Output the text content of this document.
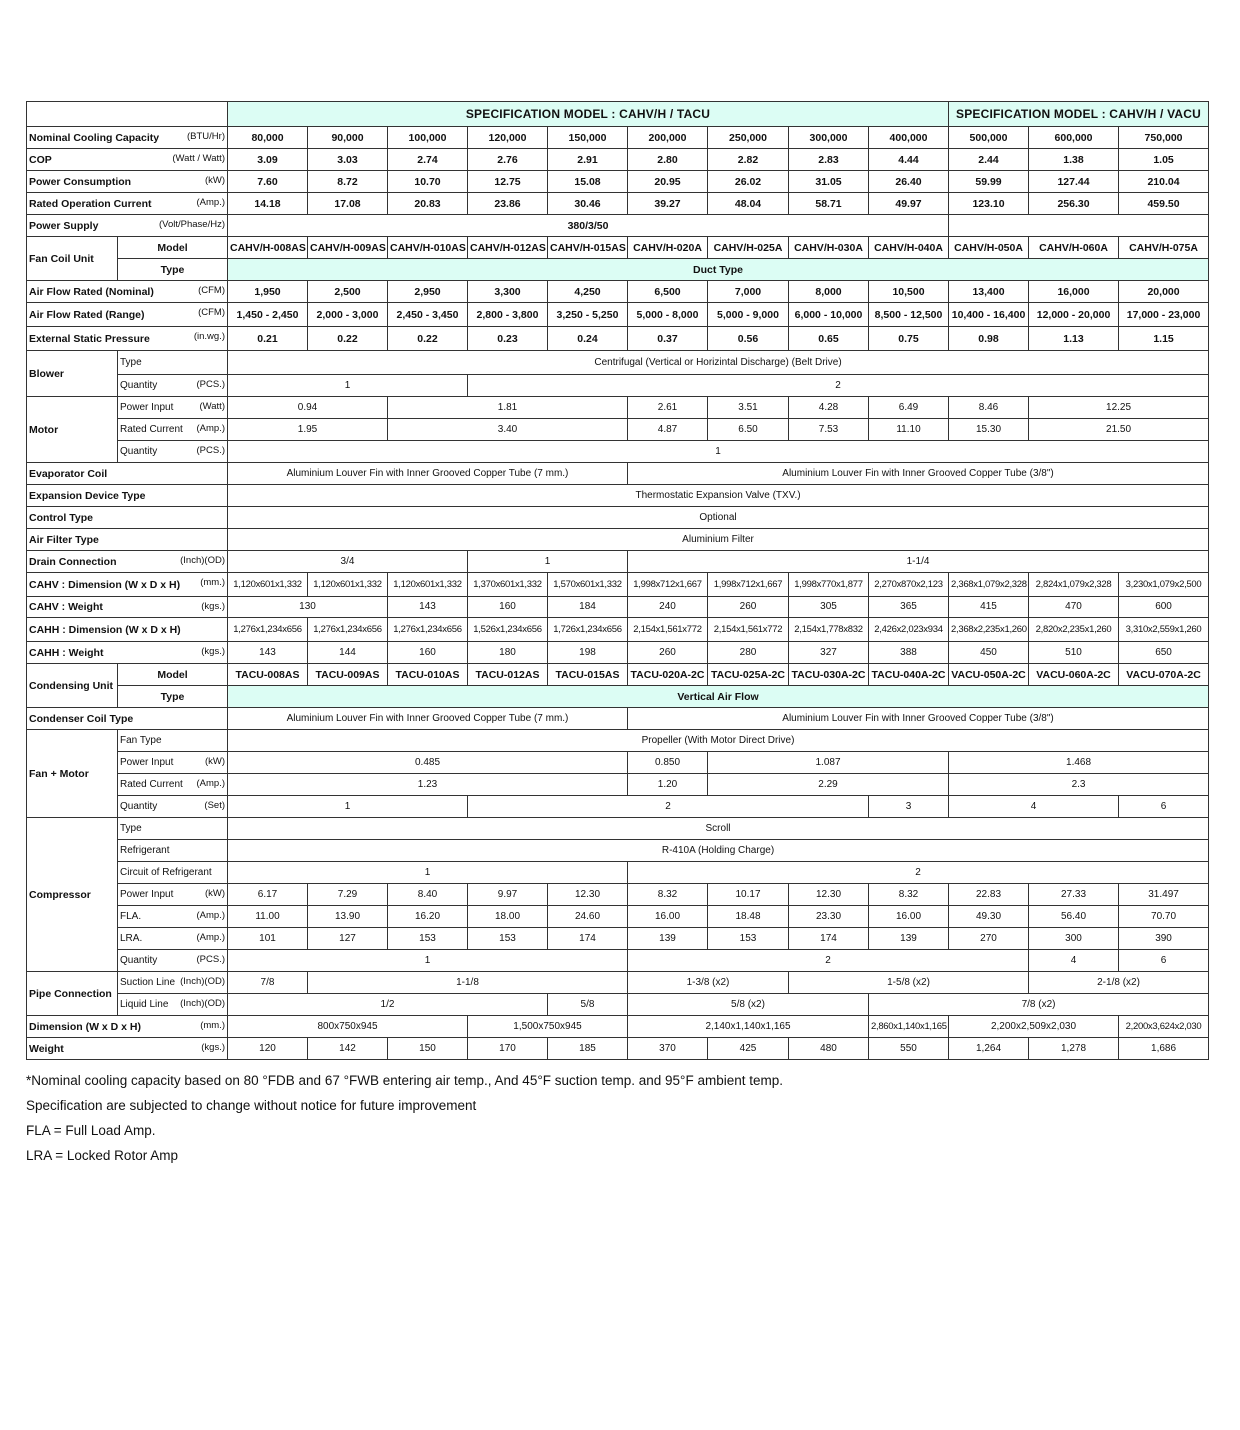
		SPECIFICATION MODEL : CAHV/H / TACU									SPECIFICATION MODEL : CAHV/H / VACU		
Nominal Cooling Capacity (BTU/Hr)		80,000	90,000	100,000	120,000	150,000	200,000	250,000	300,000	400,000	500,000	600,000	750,000
COP (Watt / Watt)		3.09	3.03	2.74	2.76	2.91	2.80	2.82	2.83	4.44	2.44	1.38	1.05
Power Consumption (kW)		7.60	8.72	10.70	12.75	15.08	20.95	26.02	31.05	26.40	59.99	127.44	210.04
Rated Operation Current (Amp.)		14.18	17.08	20.83	23.86	30.46	39.27	48.04	58.71	49.97	123.10	256.30	459.50
Power Supply (Volt/Phase/Hz)		380/3/50											
Fan Coil Unit	Model	CAHV/H-008AS	CAHV/H-009AS	CAHV/H-010AS	CAHV/H-012AS	CAHV/H-015AS	CAHV/H-020A	CAHV/H-025A	CAHV/H-030A	CAHV/H-040A	CAHV/H-050A	CAHV/H-060A	CAHV/H-075A
	Type	Duct Type											
Air Flow Rated (Nominal) (CFM)		1,950	2,500	2,950	3,300	4,250	6,500	7,000	8,000	10,500	13,400	16,000	20,000
Air Flow Rated (Range) (CFM)		1,450 - 2,450	2,000 - 3,000	2,450 - 3,450	2,800 - 3,800	3,250 - 5,250	5,000 - 8,000	5,000 - 9,000	6,000 - 10,000	8,500 - 12,500	10,400 - 16,400	12,000 - 20,000	17,000 - 23,000
External Static Pressure (in.wg.)		0.21	0.22	0.22	0.23	0.24	0.37	0.56	0.65	0.75	0.98	1.13	1.15
Blower	Type	Centrifugal (Vertical or Horizintal Discharge) (Belt Drive)											
	Quantity (PCS.)	1			2								
Motor	Power Input (Watt)	0.94		1.81			2.61	3.51	4.28	6.49	8.46	12.25	
	Rated Current (Amp.)	1.95		3.40			4.87	6.50	7.53	11.10	15.30	21.50	
	Quantity (PCS.)	1											
Evaporator Coil		Aluminium Louver Fin with Inner Grooved Copper Tube (7 mm.)					Aluminium Louver Fin with Inner Grooved Copper Tube (3/8")						
Expansion Device Type		Thermostatic Expansion Valve (TXV.)											
Control Type		Optional											
Air Filter Type		Aluminium Filter											
Drain Connection (Inch)(OD)		3/4			1		1-1/4						
CAHV : Dimension (W x D x H) (mm.)		1,120x601x1,332	1,120x601x1,332	1,120x601x1,332	1,370x601x1,332	1,570x601x1,332	1,998x712x1,667	1,998x712x1,667	1,998x770x1,877	2,270x870x2,123	2,368x1,079x2,328	2,824x1,079x2,328	3,230x1,079x2,500
CAHV : Weight (kgs.)		130		143	160	184	240	260	305	365	415	470	600
CAHH : Dimension (W x D x H)		1,276x1,234x656	1,276x1,234x656	1,276x1,234x656	1,526x1,234x656	1,726x1,234x656	2,154x1,561x772	2,154x1,561x772	2,154x1,778x832	2,426x2,023x934	2,368x2,235x1,260	2,820x2,235x1,260	3,310x2,559x1,260
CAHH : Weight (kgs.)		143	144	160	180	198	260	280	327	388	450	510	650
Condensing Unit	Model	TACU-008AS	TACU-009AS	TACU-010AS	TACU-012AS	TACU-015AS	TACU-020A-2C	TACU-025A-2C	TACU-030A-2C	TACU-040A-2C	VACU-050A-2C	VACU-060A-2C	VACU-070A-2C
	Type	Vertical Air Flow											
Condenser Coil Type		Aluminium Louver Fin with Inner Grooved Copper Tube (7 mm.)					Aluminium Louver Fin with Inner Grooved Copper Tube (3/8")						
Fan + Motor	Fan Type	Propeller (With Motor Direct Drive)											
	Power Input (kW)	0.485					0.850	1.087			1.468		
	Rated Current (Amp.)	1.23					1.20	2.29			2.3		
	Quantity (Set)	1			2					3	4		6
Compressor	Type	Scroll											
	Refrigerant	R-410A (Holding Charge)											
	Circuit of Refrigerant	1					2						
	Power Input (kW)	6.17	7.29	8.40	9.97	12.30	8.32	10.17	12.30	8.32	22.83	27.33	31.497
	FLA. (Amp.)	11.00	13.90	16.20	18.00	24.60	16.00	18.48	23.30	16.00	49.30	56.40	70.70
	LRA. (Amp.)	101	127	153	153	174	139	153	174	139	270	300	390
	Quantity (PCS.)	1					2					4	6
Pipe Connection	Suction Line (Inch)(OD)	7/8	1-1/8				1-3/8 (x2)		1-5/8 (x2)			2-1/8 (x2)	
	Liquid Line (Inch)(OD)	1/2				5/8	5/8 (x2)			7/8 (x2)			
Dimension (W x D x H) (mm.)		800x750x945			1,500x750x945		2,140x1,140x1,165			2,860x1,140x1,165	2,200x2,509x2,030		2,200x3,624x2,030
Weight (kgs.)		120	142	150	170	185	370	425	480	550	1,264	1,278	1,686

*Nominal cooling capacity based on 80 °FDB and 67 °FWB entering air temp., And 45°F suction temp. and 95°F ambient temp.

Specification are subjected to change without notice for future improvement

FLA = Full Load Amp.

LRA = Locked Rotor Amp
